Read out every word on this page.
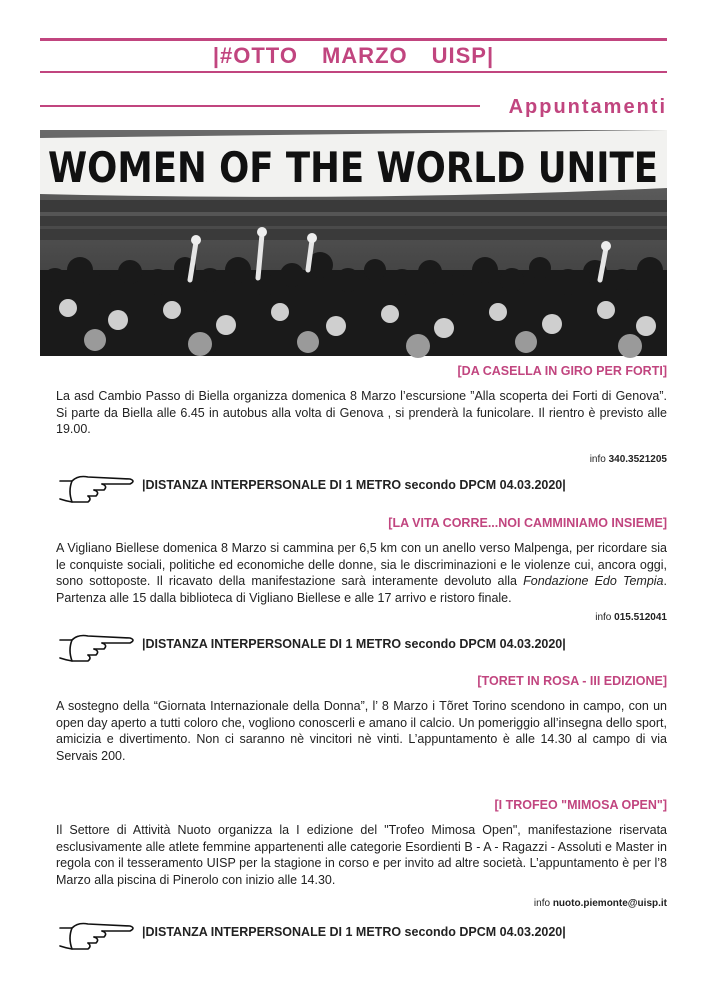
|#OTTO MARZO UISP|
Appuntamenti
WOMEN OF THE WORLD UNITE
[DA CASELLA IN GIRO PER FORTI]
La asd Cambio Passo di Biella organizza domenica 8 Marzo l’escursione ”Alla scoperta dei Forti di Genova”. Si parte da Biella alle 6.45 in autobus alla volta di Genova , si prenderà la funicolare. Il rientro è previsto alle 19.00.
info 340.3521205
|DISTANZA INTERPERSONALE DI 1 METRO secondo DPCM 04.03.2020|
[LA VITA CORRE...NOI CAMMINIAMO INSIEME]
A Vigliano Biellese domenica 8 Marzo si cammina per 6,5 km con un anello verso Malpenga, per ricordare sia le conquiste sociali, politiche ed economiche delle donne, sia le discriminazioni e le violenze cui, ancora oggi, sono sottoposte. Il ricavato della manifestazione sarà interamente devoluto alla Fondazione Edo Tempia. Partenza alle 15 dalla biblioteca di Vigliano Biellese e alle 17 arrivo e ristoro finale.
info 015.512041
|DISTANZA INTERPERSONALE DI 1 METRO secondo DPCM 04.03.2020|
[TORET IN ROSA - III EDIZIONE]
A sostegno della “Giornata Internazionale della Donna”, l’ 8 Marzo i Tõret Torino scendono in campo, con un open day aperto a tutti coloro che, vogliono conoscerli e amano il calcio. Un pomeriggio all’insegna dello sport, amicizia e divertimento. Non ci saranno nè vincitori nè vinti. L’appuntamento è alle 14.30 al campo di via Servais 200.
[I TROFEO "MIMOSA OPEN"]
Il Settore di Attività Nuoto organizza la I edizione del "Trofeo Mimosa Open", manifestazione riservata esclusivamente alle atlete femmine appartenenti alle categorie Esordienti B - A - Ragazzi - Assoluti e Master in regola con il tesseramento UISP per la stagione in corso e per invito ad altre società. L’appuntamento è per l’8 Marzo alla piscina di Pinerolo con inizio alle 14.30.
info nuoto.piemonte@uisp.it
|DISTANZA INTERPERSONALE DI 1 METRO secondo DPCM 04.03.2020|
